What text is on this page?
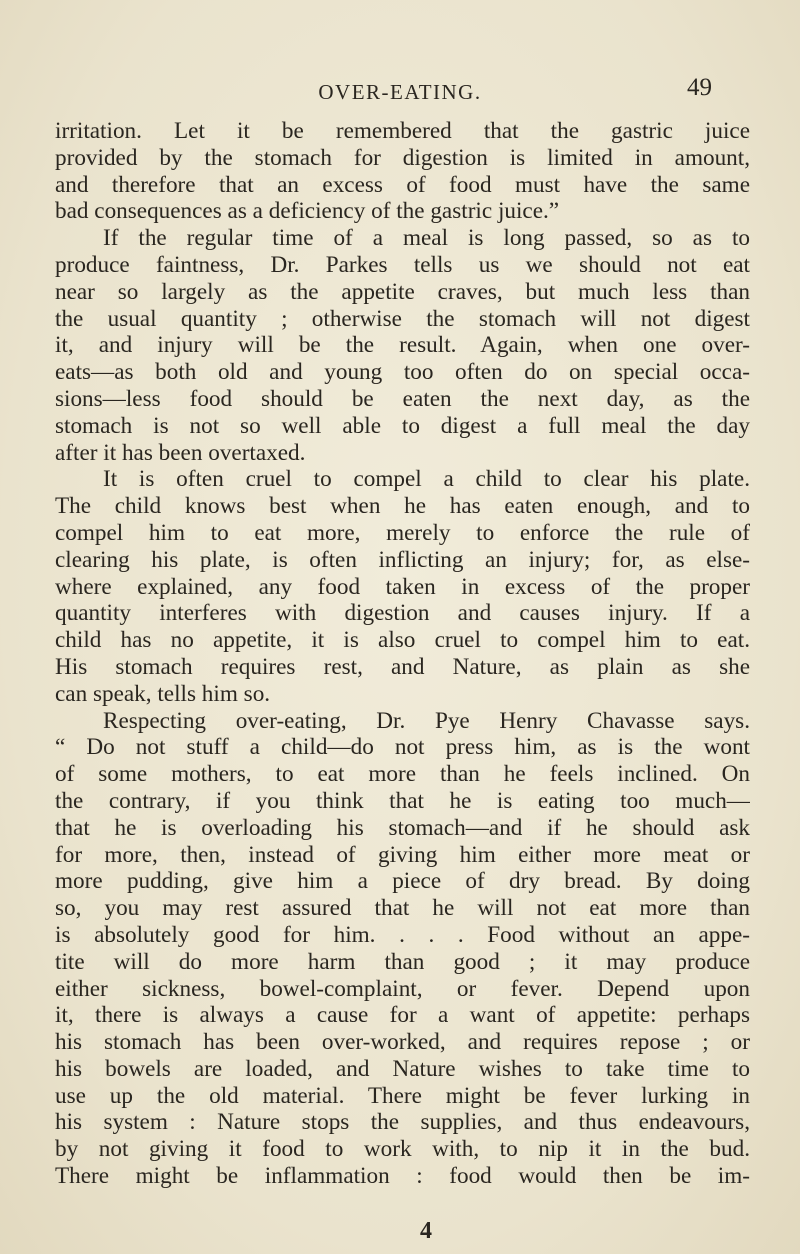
OVER-EATING.	49
irritation. Let it be remembered that the gastric juice
provided by the stomach for digestion is limited in amount,
and therefore that an excess of food must have the same
bad consequences as a deficiency of the gastric juice.”
If the regular time of a meal is long passed, so as to
produce faintness, Dr. Parkes tells us we should not eat
near so largely as the appetite craves, but much less than
the usual quantity ; otherwise the stomach will not digest
it, and injury will be the result. Again, when one over-
eats—as both old and young too often do on special occa-
sions—less food should be eaten the next day, as the
stomach is not so well able to digest a full meal the day
after it has been overtaxed.
It is often cruel to compel a child to clear his plate.
The child knows best when he has eaten enough, and to
compel him to eat more, merely to enforce the rule of
clearing his plate, is often inflicting an injury; for, as else-
where explained, any food taken in excess of the proper
quantity interferes with digestion and causes injury. If a
child has no appetite, it is also cruel to compel him to eat.
His stomach requires rest, and Nature, as plain as she
can speak, tells him so.
Respecting over-eating, Dr. Pye Henry Chavasse says.
“ Do not stuff a child—do not press him, as is the wont
of some mothers, to eat more than he feels inclined. On
the contrary, if you think that he is eating too much—
that he is overloading his stomach—and if he should ask
for more, then, instead of giving him either more meat or
more pudding, give him a piece of dry bread. By doing
so, you may rest assured that he will not eat more than
is absolutely good for him. . . . Food without an appe-
tite will do more harm than good ; it may produce
either sickness, bowel-complaint, or fever. Depend upon
it, there is always a cause for a want of appetite: perhaps
his stomach has been over-worked, and requires repose ; or
his bowels are loaded, and Nature wishes to take time to
use up the old material. There might be fever lurking in
his system : Nature stops the supplies, and thus endeavours,
by not giving it food to work with, to nip it in the bud.
There might be inflammation : food would then be im-
4
